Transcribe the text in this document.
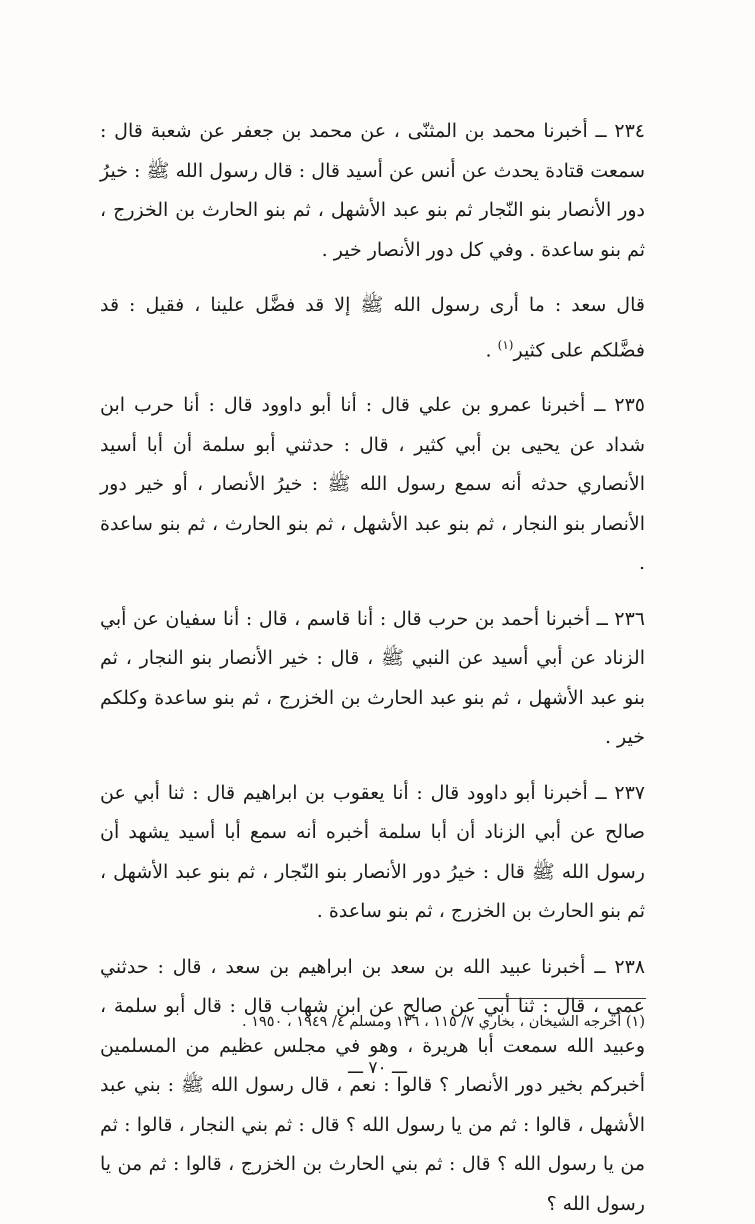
٢٣٤ ــ أخبرنا محمد بن المثنّى ، عن محمد بن جعفر عن شعبة قال : سمعت قتادة يحدث عن أنس عن أسيد قال : قال رسول الله ﷺ : خيرُ دور الأنصار بنو النّجار ثم بنو عبد الأشهل ، ثم بنو الحارث بن الخزرج ، ثم بنو ساعدة . وفي كل دور الأنصار خير .

قال سعد : ما أرى رسول الله ﷺ إلا قد فضَّل علينا ، فقيل : قد فضَّلكم على كثير$^{(١)}$ .

٢٣٥ ــ أخبرنا عمرو بن علي قال : أنا أبو داوود قال : أنا حرب ابن شداد عن يحيى بن أبي كثير ، قال : حدثني أبو سلمة أن أبا أسيد الأنصاري حدثه أنه سمع رسول الله ﷺ : خيرُ الأنصار ، أو خير دور الأنصار بنو النجار ، ثم بنو عبد الأشهل ، ثم بنو الحارث ، ثم بنو ساعدة .

٢٣٦ ــ أخبرنا أحمد بن حرب قال : أنا قاسم ، قال : أنا سفيان عن أبي الزناد عن أبي أسيد عن النبي ﷺ ، قال : خير الأنصار بنو النجار ، ثم بنو عبد الأشهل ، ثم بنو عبد الحارث بن الخزرج ، ثم بنو ساعدة وكلكم خير .

٢٣٧ ــ أخبرنا أبو داوود قال : أنا يعقوب بن ابراهيم قال : ثنا أبي عن صالح عن أبي الزناد أن أبا سلمة أخبره أنه سمع أبا أسيد يشهد أن رسول الله ﷺ قال : خيرُ دور الأنصار بنو النّجار ، ثم بنو عبد الأشهل ، ثم بنو الحارث بن الخزرج ، ثم بنو ساعدة .

٢٣٨ ــ أخبرنا عبيد الله بن سعد بن ابراهيم بن سعد ، قال : حدثني عمي ، قال : ثنا أبي عن صالح عن ابن شهاب قال : قال أبو سلمة ، وعبيد الله سمعت أبا هريرة ، وهو في مجلس عظيم من المسلمين أخبركم بخير دور الأنصار ؟ قالوا : نعم ، قال رسول الله ﷺ : بني عبد الأشهل ، قالوا : ثم من يا رسول الله ؟ قال : ثم بني النجار ، قالوا : ثم من يا رسول الله ؟ قال : ثم بني الحارث بن الخزرج ، قالوا : ثم من يا رسول الله ؟

(١) أخرجه الشيخان ، بخاري ٧/ ١١٥ ، ١٣٦ ومسلم ٤/ ١٩٤٩ ، ١٩٥٠ .
ـــ ٧٠ ـــ
